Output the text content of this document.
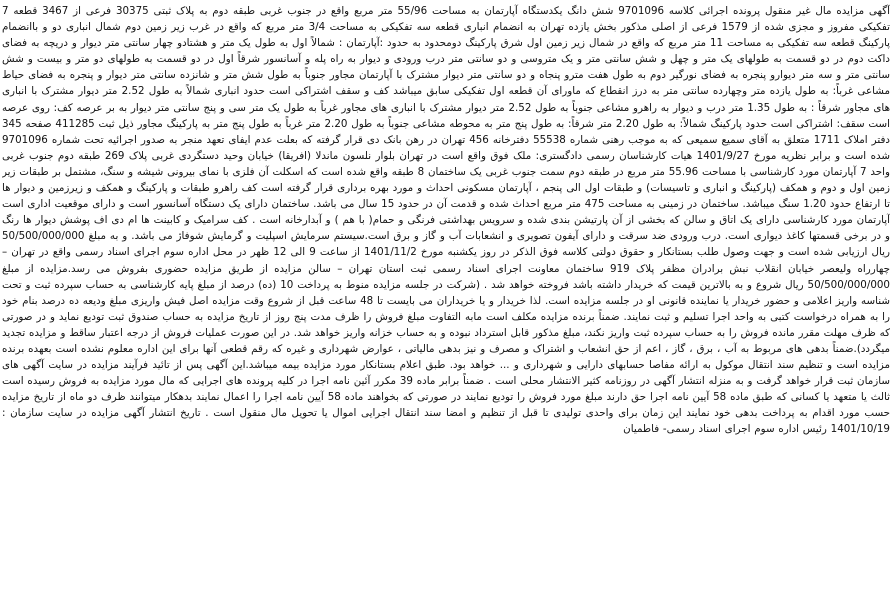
آگهی مزایده مال غیر منقول پرونده اجرائی کلاسه 9701096 شش دانگ یکدستگاه آپارتمان به مساحت 55/96 متر مربع واقع در جنوب غربی طبقه دوم به پلاک ثبتی 30375 فرعی از 3467 قطعه 7 تفکیکی مفروز و مجزی شده از 1579 فرعی از اصلی مذکور بخش یازده تهران به انضمام انباری قطعه سه تفکیکی به مساحت 3/4 متر مربع که واقع در غرب زیر زمین دوم شمال انباری دو و باانضمام پارکینگ قطعه سه تفکیکی به مساحت 11 متر مربع که واقع در شمال زیر زمین اول شرق پارکینگ دومحدود به حدود :آپارتمان : شمالاً اول به طول یک متر و هشتادو چهار سانتی متر دیوار و دریچه به فضای داکت دوم در دو قسمت به طولهای یک متر و چهل و شش سانتی متر و یک متروسی و دو سانتی متر درب ورودی و دیوار به راه پله و آسانسور شرقاً اول در دو قسمت به طولهای دو متر و بیست و شش سانتی متر و سه متر دیوارو پنجره به فضای نورگیر دوم به طول هفت مترو پنجاه و دو سانتی متر دیوار مشترک با آپارتمان مجاور جنوباً به طول شش متر و شانزده سانتی متر دیوار و پنجره به فضای حیاط مشاعی غرباً: به طول یازده متر وچهارده سانتی متر به درز انقطاع که ماورای آن قطعه اول تفکیکی سابق میباشد کف و سقف اشتراکی است حدود انباری شمالاً به طول 2.52 متر دیوار مشترک با انباری های مجاور شرقاً : به طول 1.35 متر درب و دیوار به راهرو مشاعی جنوباً به طول 2.52 متر دیوار مشترک با انباری های مجاور غرباً به طول یک متر سی و پنج سانتی متر دیوار به بر عرصه کف: روی عرصه است سقف: اشتراکی است حدود پارکینگ شمالاً: به طول 2.20 متر شرقاً: به طول پنج متر به محوطه مشاعی جنوباً به طول 2.20 متر غرباً به طول پنج متر به پارکینگ مجاور ذیل ثبت 411285 صفحه 345 دفتر املاک 1711 متعلق به آقای سمیع سمیعی که به موجب رهنی شماره 55538 دفترخانه 456 تهران در رهن بانک دی قرار گرفته که بعلت عدم ایفای تعهد منجر به صدور اجرائیه تحت شماره 9701096 شده است و برابر نظریه مورخ 1401/9/27 هیات کارشناسان رسمی دادگستری: ملک فوق واقع است در تهران بلوار نلسون ماندلا (افریقا) خیابان وحید دستگردی غربی پلاک 269 طبقه دوم جنوب غربی واحد 7 آپارتمان مورد کارشناسی با مساحت 55.96 متر مربع در طبقه دوم سمت جنوب غربی یک ساختمان 8 طبقه واقع شده است که اسکلت آن فلزی با نمای بیرونی شیشه و سنگ، مشتمل بر طبقات زیر زمین اول و دوم و همکف (پارکینگ و انباری و تاسیسات) و طبقات اول الی پنجم ، آپارتمان مسکونی احداث و مورد بهره برداری قرار گرفته است کف راهرو طبقات و پارکینگ و همکف و زیرزمین و دیوار ها تا ارتفاع حدود 1.20 سنگ میباشد. ساختمان در زمینی به مساحت 475 متر مربع احداث شده و قدمت آن در حدود 15 سال می باشد. ساختمان دارای یک دستگاه آسانسور است و دارای موقعیت اداری است آپارتمان مورد کارشناسی دارای یک اتاق و سالن که بخشی از آن پارتیشن بندی شده و سرویس بهداشتی فرنگی و حمام( با هم ) و آبدارخانه است . کف سرامیک و کابینت ها ام دی اف پوشش دیوار ها رنگ و در برخی قسمتها کاغذ دیواری است. درب ورودی ضد سرقت و دارای آیفون تصویری و انشعابات آب و گاز و برق است.سیستم سرمایش اسپلیت و گرمایش شوفاژ می باشد. و به مبلغ 50/500/000/000 ریال ارزیابی شده است و جهت وصول طلب بستانکار و حقوق دولتی کلاسه فوق الذکر در روز یکشنبه مورخ 1401/11/2 از ساعت 9 الی 12 ظهر در محل اداره سوم اجرای اسناد رسمی واقع در تهران – چهارراه ولیعصر خیابان انقلاب نبش برادران مظفر پلاک 919 ساختمان معاونت اجرای اسناد رسمی ثبت استان تهران – سالن مزایده از طریق مزایده حضوری بفروش می رسد.مزایده از مبلغ 50/500/000/000 ریال شروع و به بالاترین قیمت که خریدار داشته باشد فروخته خواهد شد . (شرکت در جلسه مزایده منوط به پرداخت 10 (ده) درصد از مبلغ پایه کارشناسی به حساب سپرده ثبت و تحت شناسه واریز اعلامی و حضور خریدار یا نماینده قانونی او در جلسه مزایده است. لذا خریدار و یا خریداران می بایست تا 48 ساعت قبل از شروع وقت مزایده اصل فیش واریزی مبلغ ودیعه ده درصد بنام خود را به همراه درخواست کتبی به واحد اجرا تسلیم و ثبت نمایند. ضمناً برنده مزایده مکلف است مابه التفاوت مبلغ فروش را ظرف مدت پنج روز از تاریخ مزایده به حساب صندوق ثبت تودیع نماید و در صورتی که ظرف مهلت مقرر مانده فروش را به حساب سپرده ثبت واریز نکند، مبلغ مذکور قابل استرداد نبوده و به حساب خزانه واریز خواهد شد. در این صورت عملیات فروش از درجه اعتبار ساقط و مزایده تجدید میگردد).ضمناً بدهی های مربوط به آب ، برق ، گاز ، اعم از حق انشعاب و اشتراک و مصرف و نیز بدهی مالیاتی ، عوارض شهرداری و غیره که رقم قطعی آنها برای این اداره معلوم نشده است بعهده برنده مزایده است و تنظیم سند انتقال موکول به ارائه مفاصا حسابهای دارایی و شهرداری و ... خواهد بود. طبق اعلام بستانکار مورد مزایده بیمه میباشد.این آگهی پس از تائید فرآیند مزایده در سایت آگهی های سازمان ثبت قرار خواهد گرفت و به منزله انتشار آگهی در روزنامه کثیر الانتشار محلی است . ضمناً برابر ماده 39 مکرر آئین نامه اجرا در کلیه پرونده های اجرایی که مال مورد مزایده به فروش رسیده است ثالث یا متعهد یا کسانی که طبق ماده 58 آیین نامه اجرا حق دارند مبلغ مورد فروش را تودیع نمایند در صورتی که بخواهند ماده 58 آیین نامه اجرا را اعمال نمایند بدهکار میتوانند ظرف دو ماه از تاریخ مزایده حسب مورد اقدام به پرداخت بدهی خود نمایند این زمان برای واحدی تولیدی تا قبل از تنظیم و امضا سند انتقال اجرایی اموال یا تحویل مال منقول است . تاریخ انتشار آگهی مزایده در سایت سازمان : 1401/10/19 رئیس اداره سوم اجرای اسناد رسمی- فاطمیان
